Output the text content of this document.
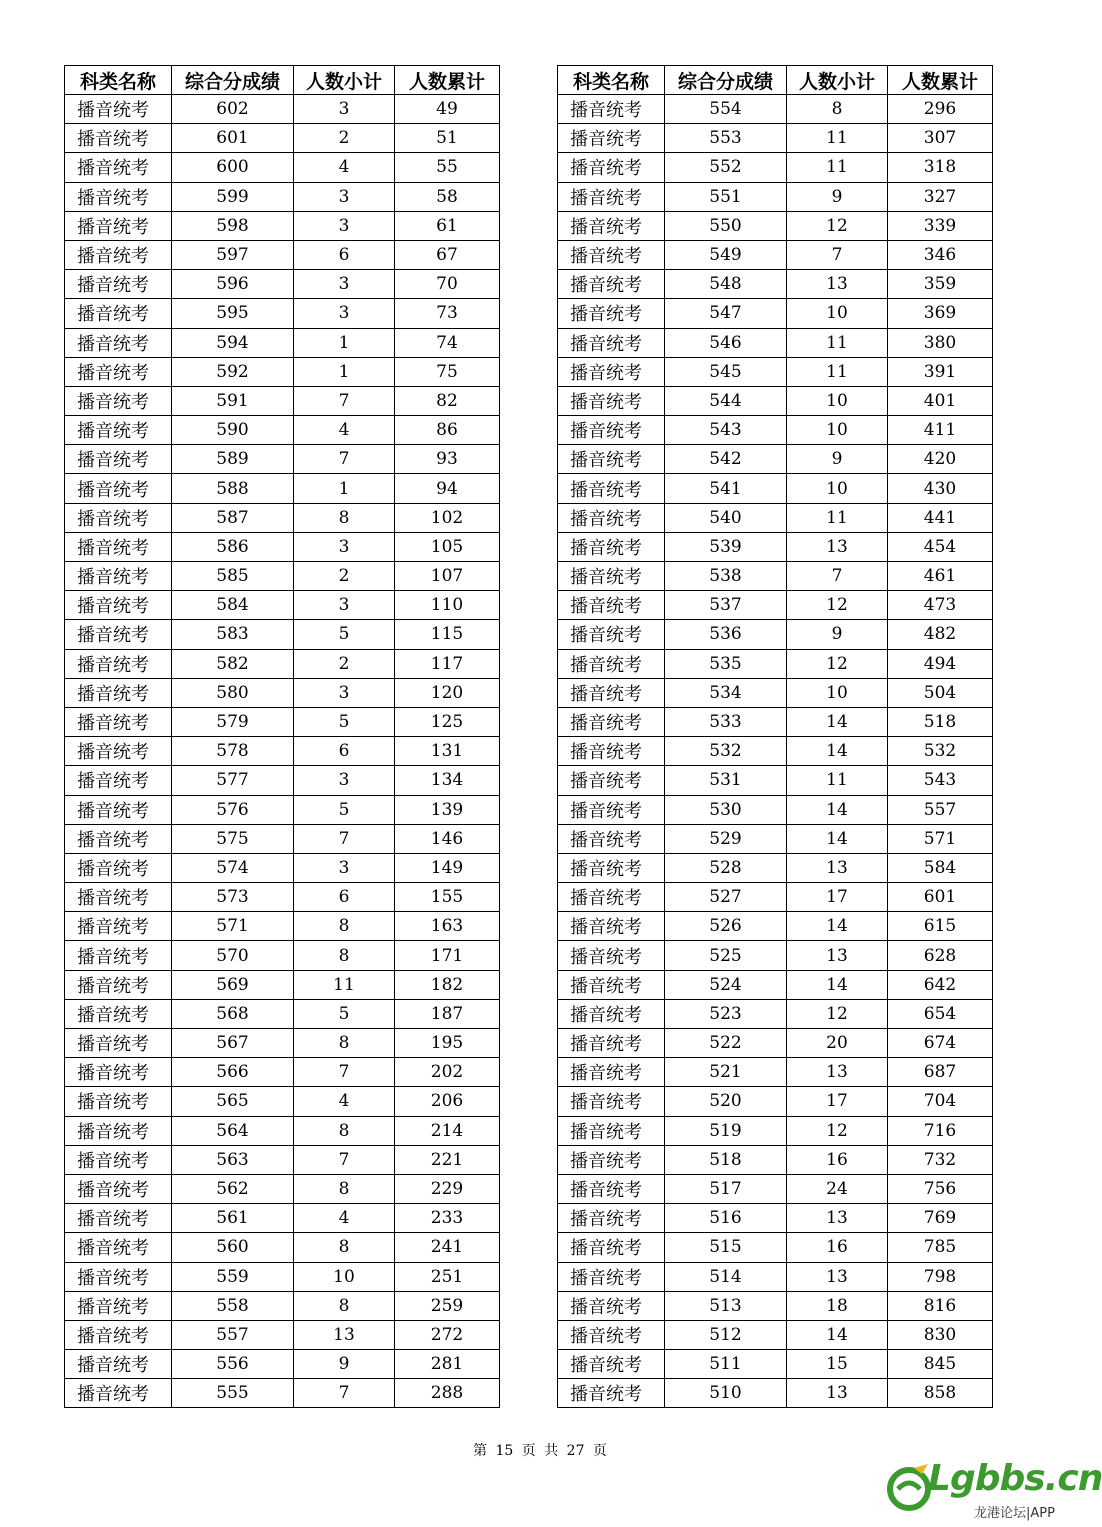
科类名称	综合分成绩	人数小计	人数累计
播音统考	602	3	49
播音统考	601	2	51
播音统考	600	4	55
播音统考	599	3	58
播音统考	598	3	61
播音统考	597	6	67
播音统考	596	3	70
播音统考	595	3	73
播音统考	594	1	74
播音统考	592	1	75
播音统考	591	7	82
播音统考	590	4	86
播音统考	589	7	93
播音统考	588	1	94
播音统考	587	8	102
播音统考	586	3	105
播音统考	585	2	107
播音统考	584	3	110
播音统考	583	5	115
播音统考	582	2	117
播音统考	580	3	120
播音统考	579	5	125
播音统考	578	6	131
播音统考	577	3	134
播音统考	576	5	139
播音统考	575	7	146
播音统考	574	3	149
播音统考	573	6	155
播音统考	571	8	163
播音统考	570	8	171
播音统考	569	11	182
播音统考	568	5	187
播音统考	567	8	195
播音统考	566	7	202
播音统考	565	4	206
播音统考	564	8	214
播音统考	563	7	221
播音统考	562	8	229
播音统考	561	4	233
播音统考	560	8	241
播音统考	559	10	251
播音统考	558	8	259
播音统考	557	13	272
播音统考	556	9	281
播音统考	555	7	288
科类名称	综合分成绩	人数小计	人数累计
播音统考	554	8	296
播音统考	553	11	307
播音统考	552	11	318
播音统考	551	9	327
播音统考	550	12	339
播音统考	549	7	346
播音统考	548	13	359
播音统考	547	10	369
播音统考	546	11	380
播音统考	545	11	391
播音统考	544	10	401
播音统考	543	10	411
播音统考	542	9	420
播音统考	541	10	430
播音统考	540	11	441
播音统考	539	13	454
播音统考	538	7	461
播音统考	537	12	473
播音统考	536	9	482
播音统考	535	12	494
播音统考	534	10	504
播音统考	533	14	518
播音统考	532	14	532
播音统考	531	11	543
播音统考	530	14	557
播音统考	529	14	571
播音统考	528	13	584
播音统考	527	17	601
播音统考	526	14	615
播音统考	525	13	628
播音统考	524	14	642
播音统考	523	12	654
播音统考	522	20	674
播音统考	521	13	687
播音统考	520	17	704
播音统考	519	12	716
播音统考	518	16	732
播音统考	517	24	756
播音统考	516	13	769
播音统考	515	16	785
播音统考	514	13	798
播音统考	513	18	816
播音统考	512	14	830
播音统考	511	15	845
播音统考	510	13	858
第 15 页 共 27 页
Lgbbs.cn
龙港论坛|APP
